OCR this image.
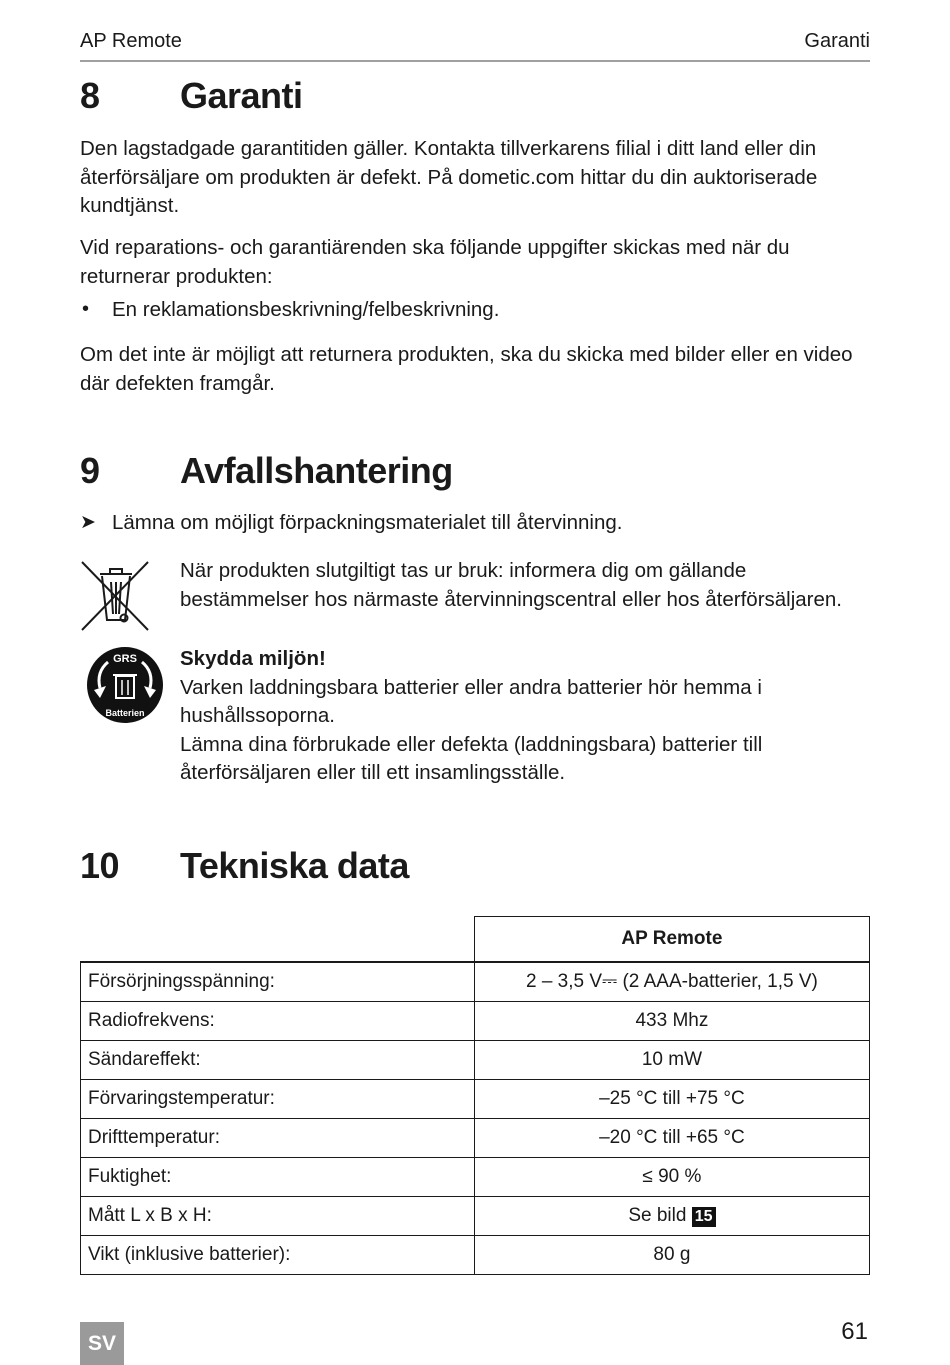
AP Remote	Garanti
8 Garanti

Den lagstadgade garantitiden gäller. Kontakta tillverkarens filial i ditt land eller din återförsäljare om produkten är defekt. På dometic.com hittar du din auktoriserade kundtjänst.

Vid reparations- och garantiärenden ska följande uppgifter skickas med när du returnerar produkten:

• En reklamationsbeskrivning/felbeskrivning.

Om det inte är möjligt att returnera produkten, ska du skicka med bilder eller en video där defekten framgår.

9 Avfallshantering
➤ Lämna om möjligt förpackningsmaterialet till återvinning.

När produkten slutgiltigt tas ur bruk: informera dig om gällande bestämmelser hos närmaste återvinningscentral eller hos återförsäljaren.

GRS
Batterien

Skydda miljön!
Varken laddningsbara batterier eller andra batterier hör hemma i hushållssoporna.
Lämna dina förbrukade eller defekta (laddningsbara) batterier till återförsäljaren eller till ett insamlingsställe.

10 Tekniska data
	AP Remote
Försörjningsspänning:	2 – 3,5 V⎓ (2 AAA-batterier, 1,5 V)
Radiofrekvens:	433 Mhz
Sändareffekt:	10 mW
Förvaringstemperatur:	–25 °C till +75 °C
Drifttemperatur:	–20 °C till +65 °C
Fuktighet:	≤ 90 %
Mått L x B x H:	Se bild 15
Vikt (inklusive batterier):	80 g
SV	61
